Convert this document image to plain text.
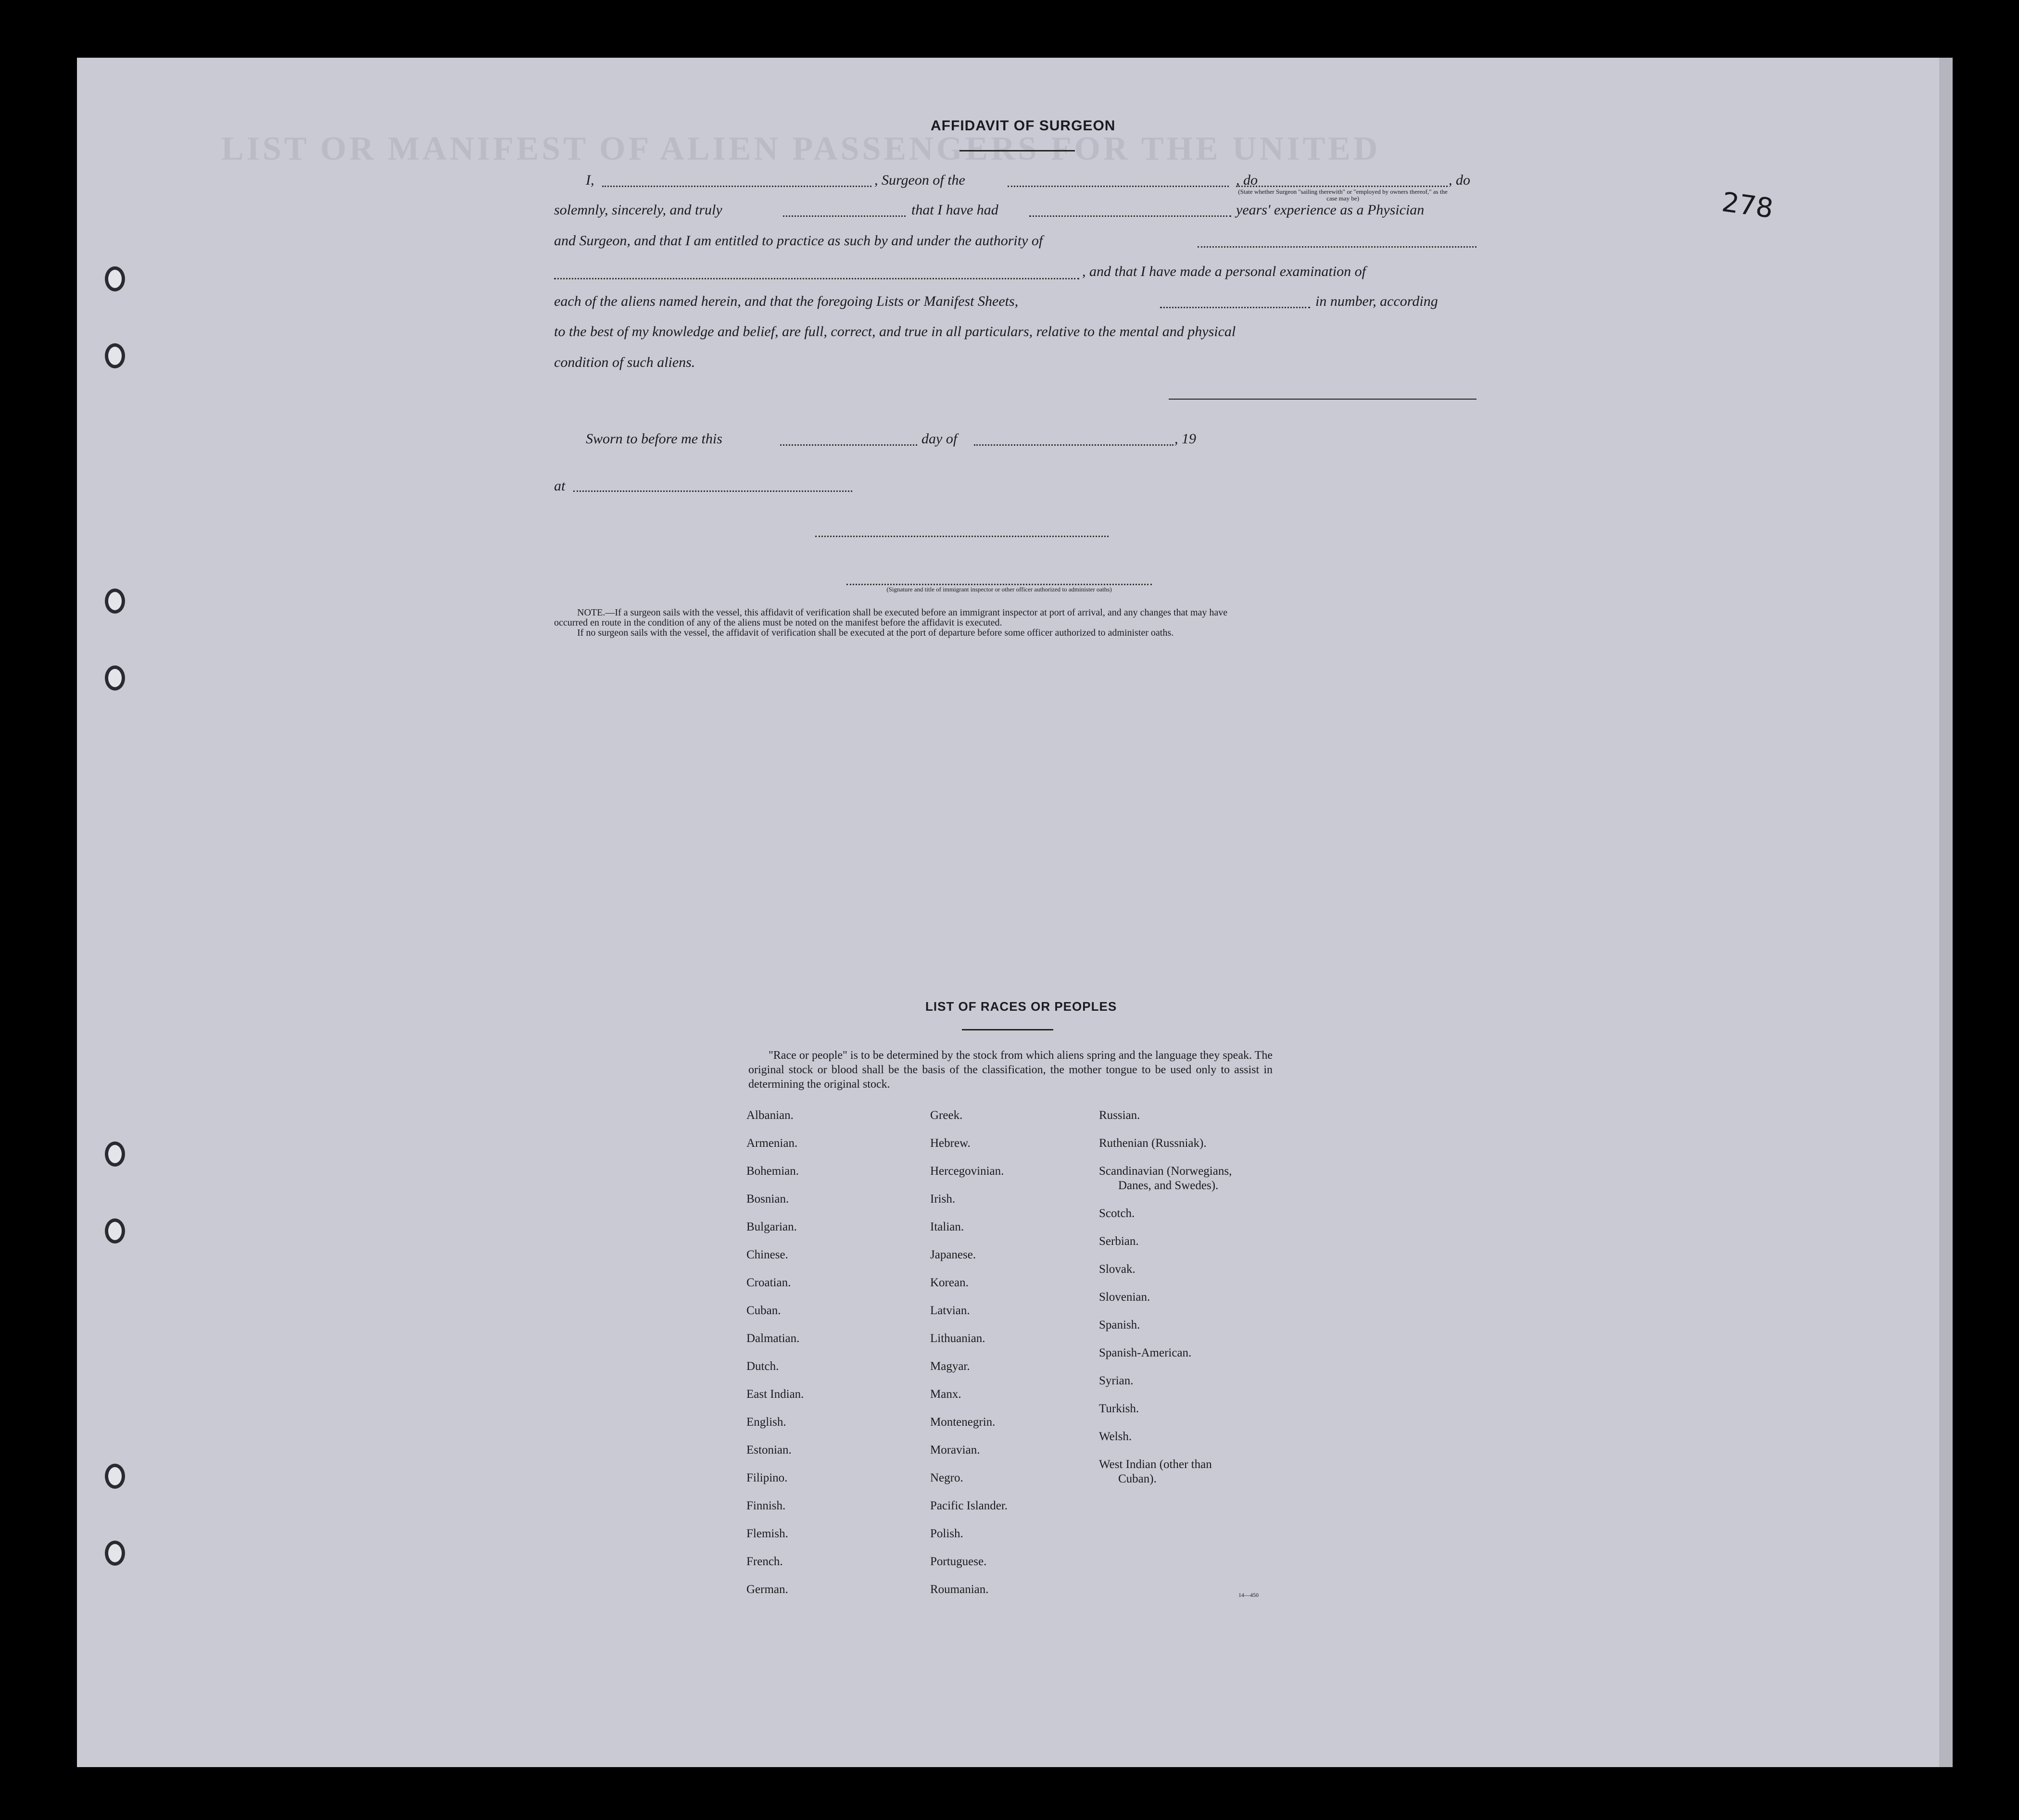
LIST OR MANIFEST OF ALIEN PASSENGERS FOR THE UNITED
278
AFFIDAVIT OF SURGEON
I,	, Surgeon of the	, do	, do
(State whether Surgeon "sailing therewith" or "employed by owners thereof," as the case may be)
solemnly, sincerely, and truly	that I have had	years' experience as a Physician
and Surgeon, and that I am entitled to practice as such by and under the authority of
, and that I have made a personal examination of
each of the aliens named herein, and that the foregoing Lists or Manifest Sheets,	in number, according
to the best of my knowledge and belief, are full, correct, and true in all particulars, relative to the mental and physical
condition of such aliens.
Sworn to before me this	day of	, 19
at
(Signature and title of immigrant inspector or other officer authorized to administer oaths)
NOTE.—If a surgeon sails with the vessel, this affidavit of verification shall be executed before an immigrant inspector at port of arrival, and any changes that may have
occurred en route in the condition of any of the aliens must be noted on the manifest before the affidavit is executed.
If no surgeon sails with the vessel, the affidavit of verification shall be executed at the port of departure before some officer authorized to administer oaths.
LIST OF RACES OR PEOPLES
"Race or people" is to be determined by the stock from which aliens spring and the language they speak. The original stock or blood shall be the basis of the classification, the mother tongue to be used only to assist in determining the original stock.
Albanian.
Armenian.
Bohemian.
Bosnian.
Bulgarian.
Chinese.
Croatian.
Cuban.
Dalmatian.
Dutch.
East Indian.
English.
Estonian.
Filipino.
Finnish.
Flemish.
French.
German.
Greek.
Hebrew.
Hercegovinian.
Irish.
Italian.
Japanese.
Korean.
Latvian.
Lithuanian.
Magyar.
Manx.
Montenegrin.
Moravian.
Negro.
Pacific Islander.
Polish.
Portuguese.
Roumanian.
Russian.
Ruthenian (Russniak).
Scandinavian (Norwegians,
Danes, and Swedes).
Scotch.
Serbian.
Slovak.
Slovenian.
Spanish.
Spanish-American.
Syrian.
Turkish.
Welsh.
West Indian (other than
Cuban).
14—450
